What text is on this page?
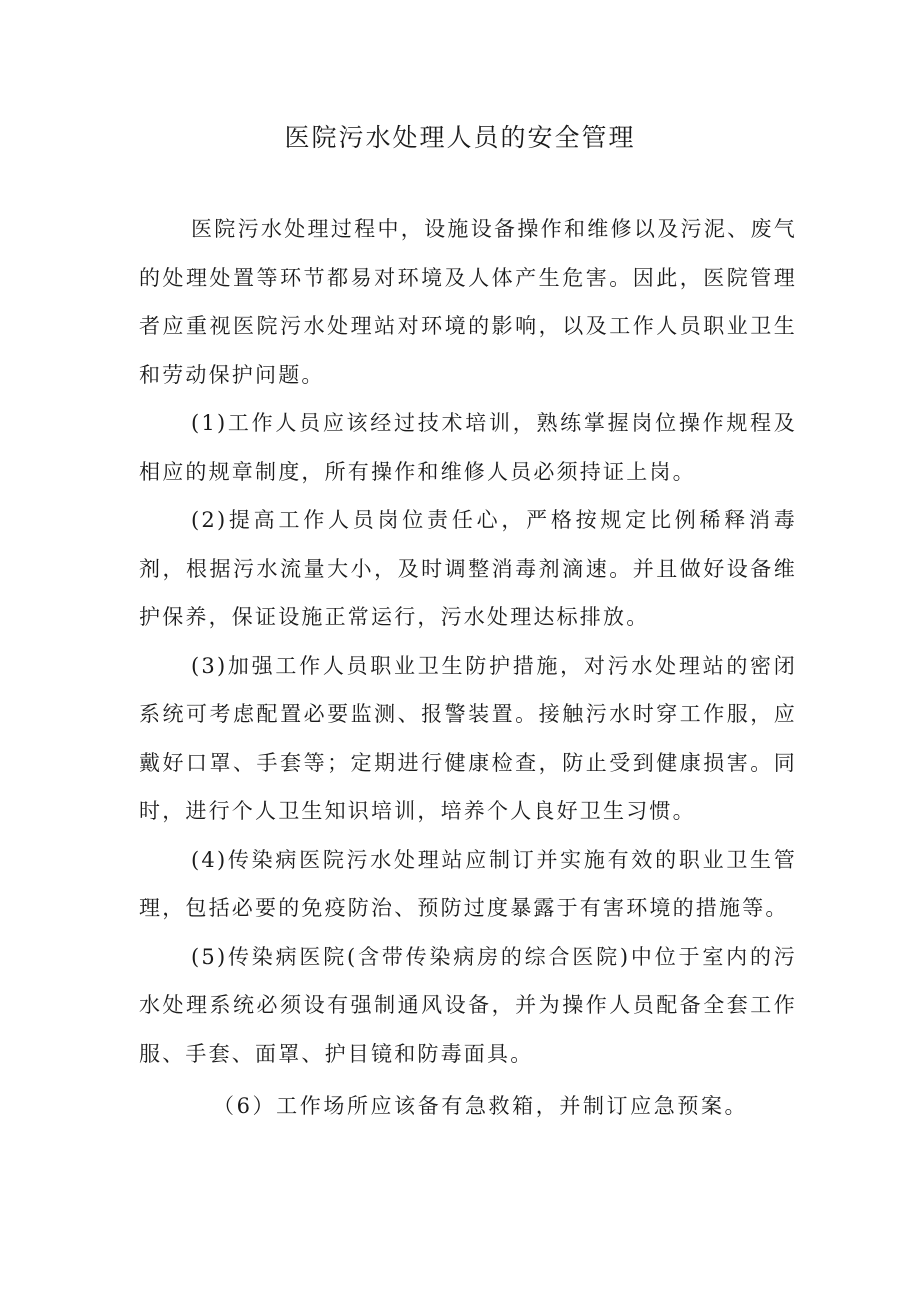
医院污水处理人员的安全管理

医院污水处理过程中，设施设备操作和维修以及污泥、废气的处理处置等环节都易对环境及人体产生危害。因此，医院管理者应重视医院污水处理站对环境的影响，以及工作人员职业卫生和劳动保护问题。

(1)工作人员应该经过技术培训，熟练掌握岗位操作规程及相应的规章制度，所有操作和维修人员必须持证上岗。

(2)提高工作人员岗位责任心，严格按规定比例稀释消毒剂，根据污水流量大小，及时调整消毒剂滴速。并且做好设备维护保养，保证设施正常运行，污水处理达标排放。

(3)加强工作人员职业卫生防护措施，对污水处理站的密闭系统可考虑配置必要监测、报警装置。接触污水时穿工作服，应戴好口罩、手套等；定期进行健康检查，防止受到健康损害。同时，进行个人卫生知识培训，培养个人良好卫生习惯。

(4)传染病医院污水处理站应制订并实施有效的职业卫生管理，包括必要的免疫防治、预防过度暴露于有害环境的措施等。

(5)传染病医院(含带传染病房的综合医院)中位于室内的污水处理系统必须设有强制通风设备，并为操作人员配备全套工作服、手套、面罩、护目镜和防毒面具。

（6）工作场所应该备有急救箱，并制订应急预案。
